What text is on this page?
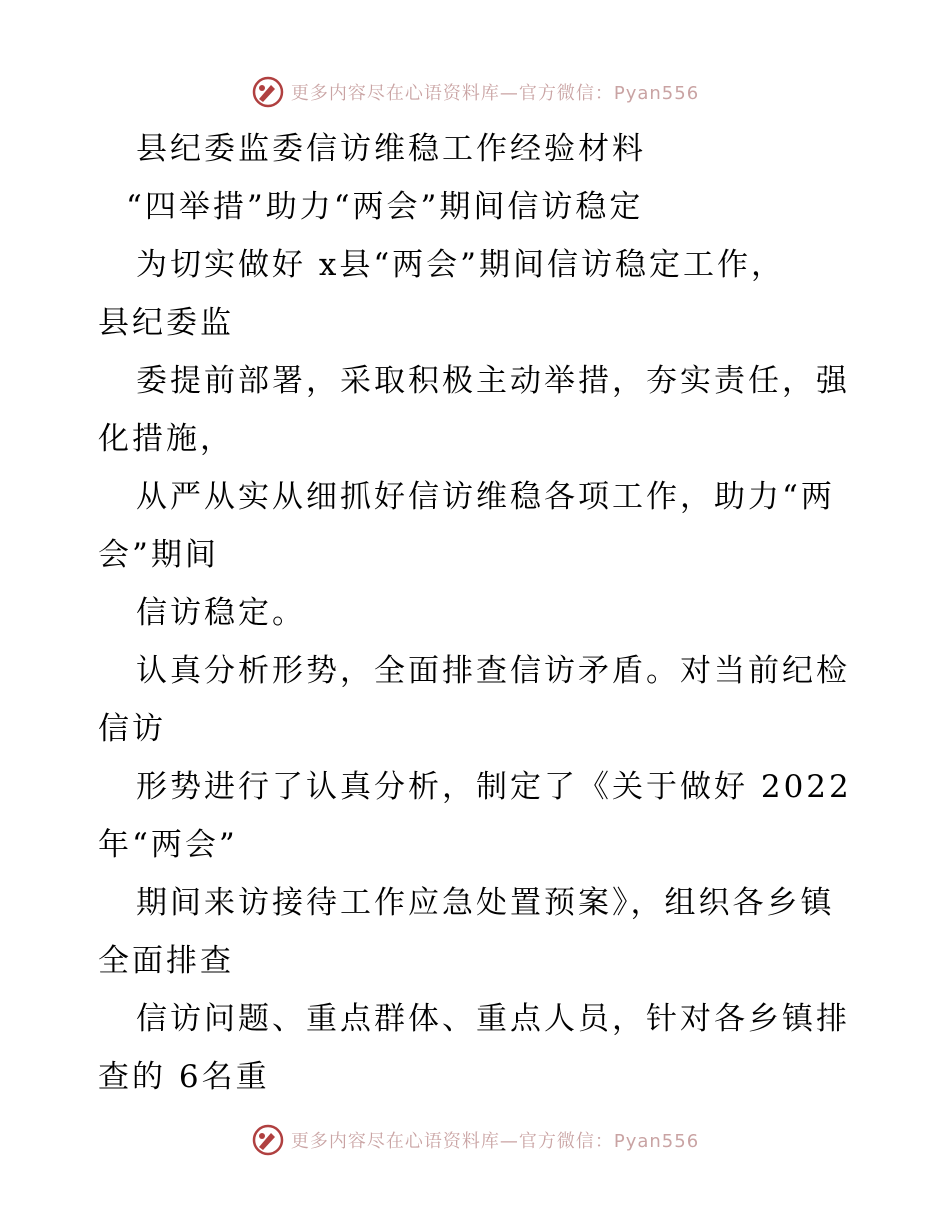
更多内容尽在心语资料库—官方微信：Pyan556
县纪委监委信访维稳工作经验材料
“四举措”助力“两会”期间信访稳定
为切实做好 x县“两会”期间信访稳定工作，
县纪委监
委提前部署，采取积极主动举措，夯实责任，强
化措施，
从严从实从细抓好信访维稳各项工作，助力“两
会”期间
信访稳定。
认真分析形势，全面排查信访矛盾。对当前纪检
信访
形势进行了认真分析，制定了《关于做好 2022
年“两会”
期间来访接待工作应急处置预案》，组织各乡镇
全面排查
信访问题、重点群体、重点人员，针对各乡镇排
查的 6名重
更多内容尽在心语资料库—官方微信：Pyan556
